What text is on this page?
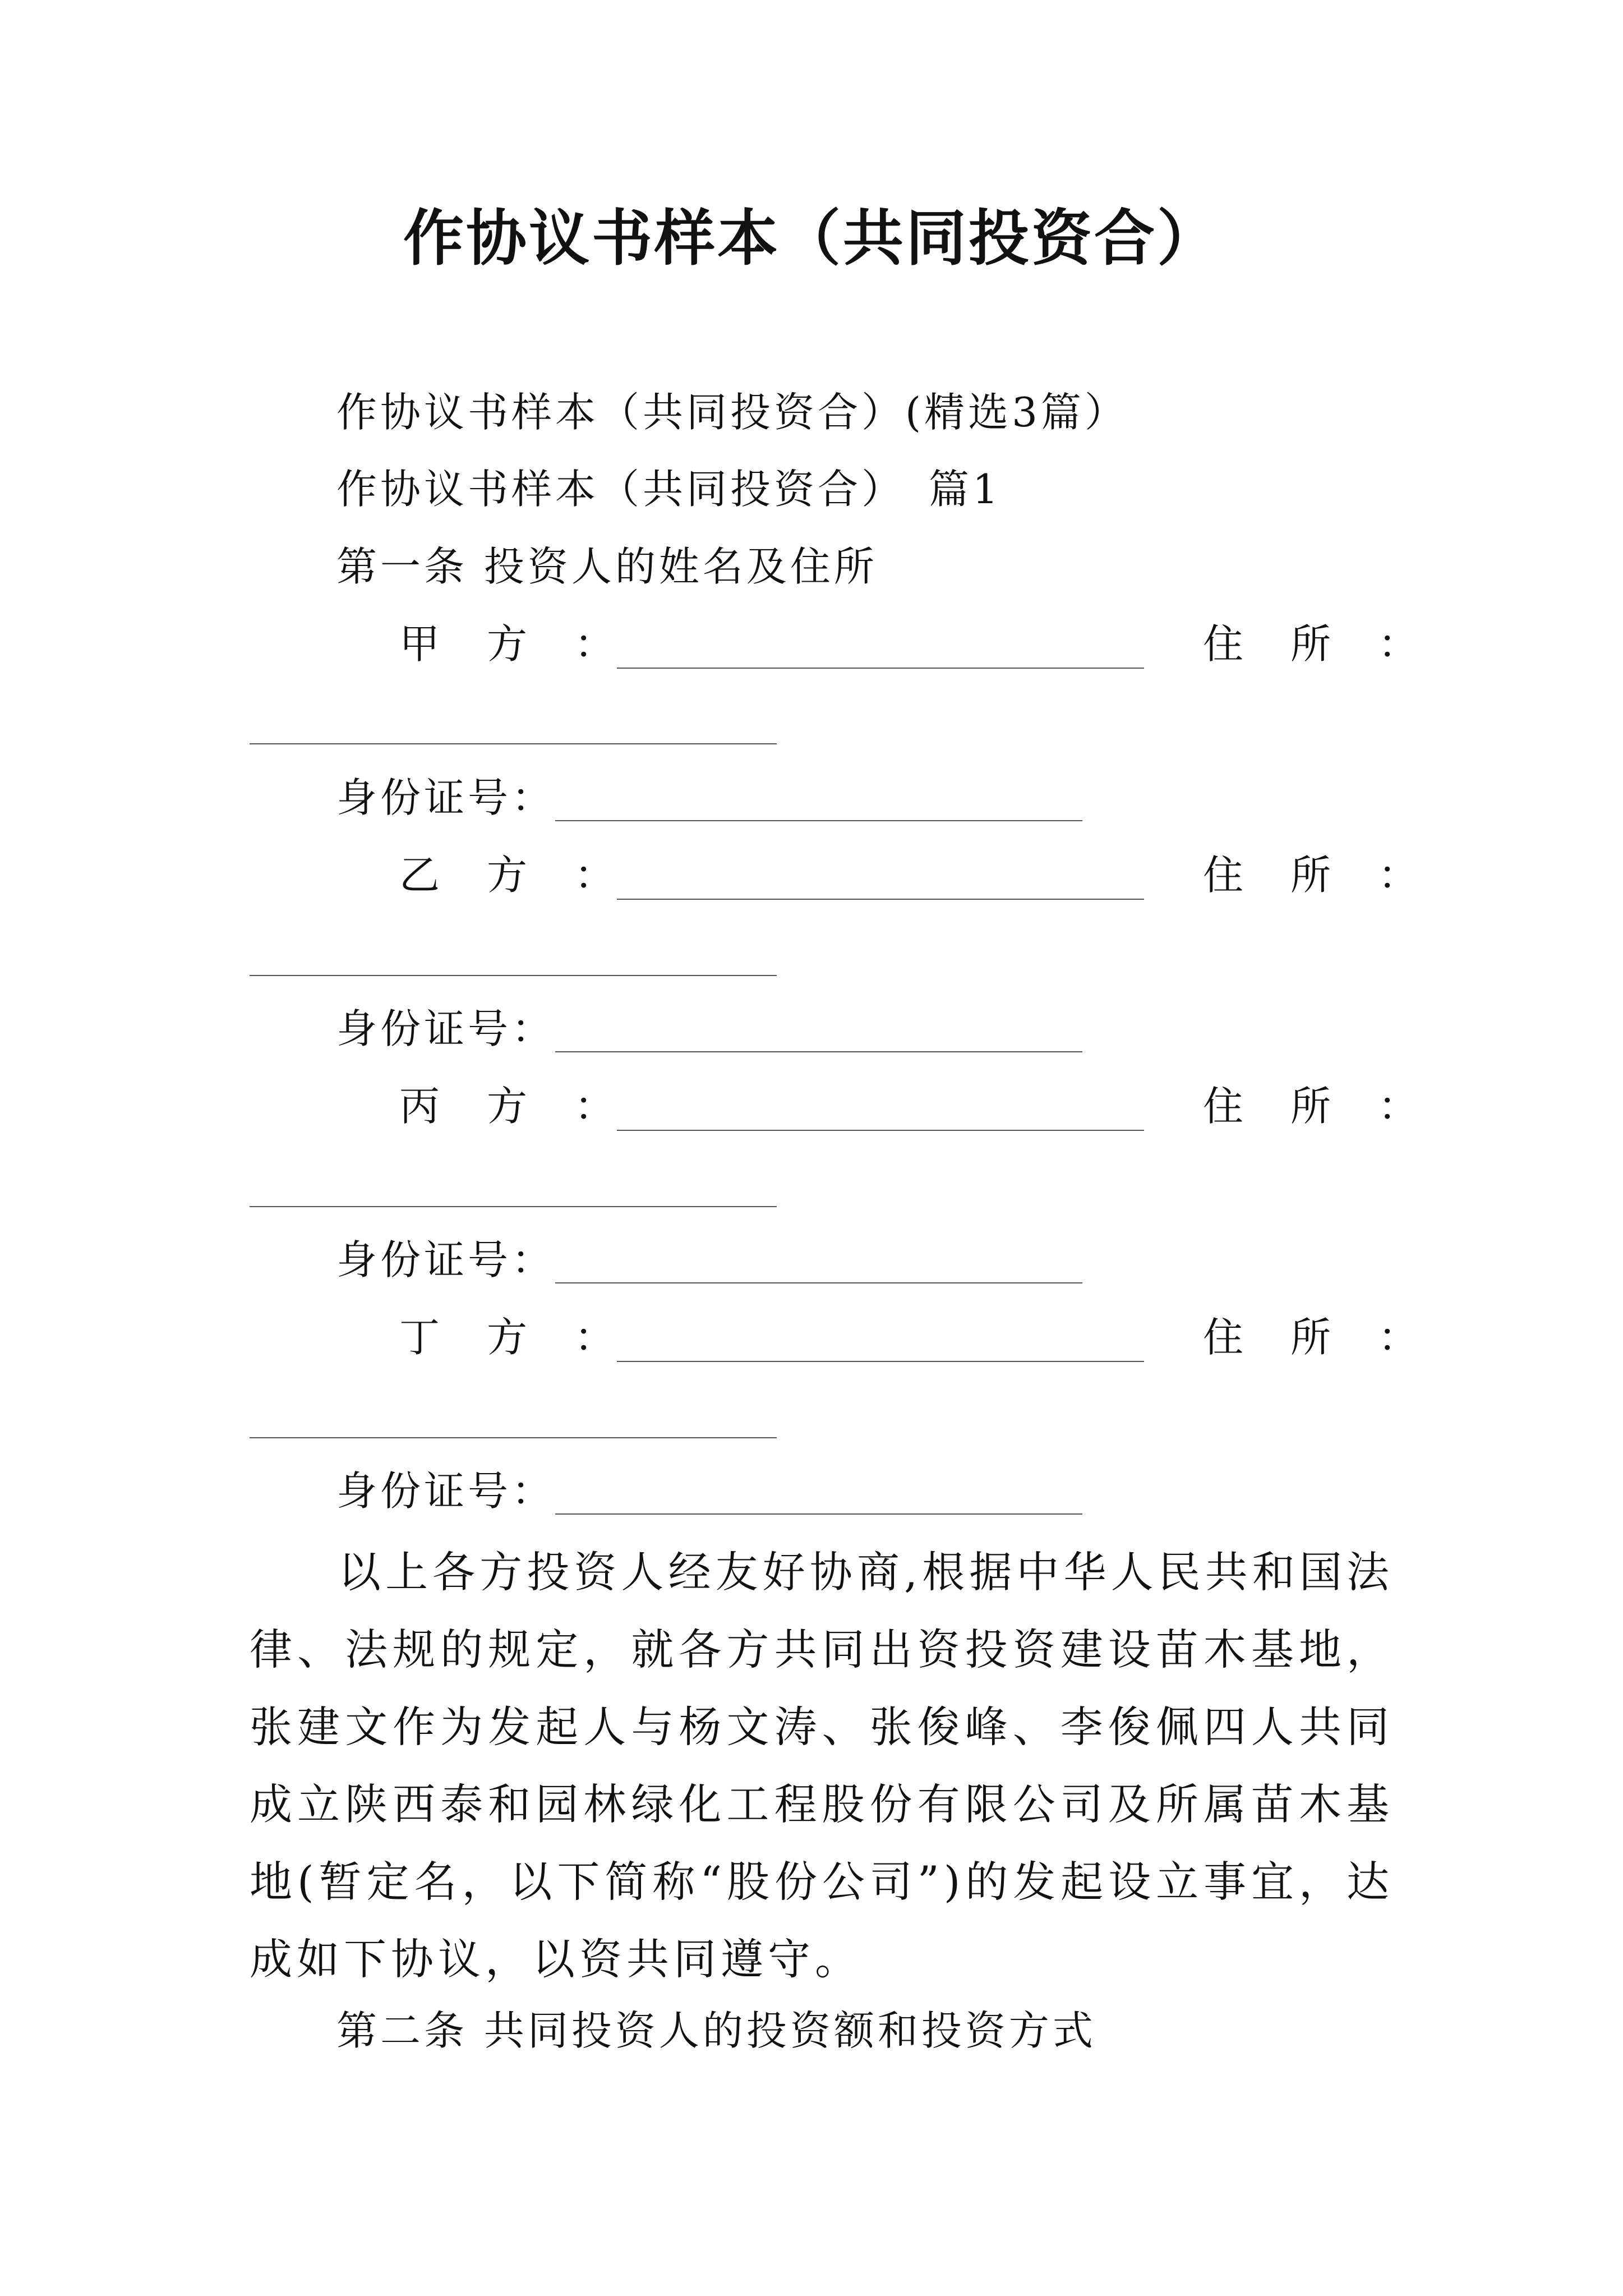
作协议书样本（共同投资合）
作协议书样本（共同投资合）(精选3篇）
作协议书样本（共同投资合）　篇1
第一条 投资人的姓名及住所
甲　方　：	住　所　：
身份证号：
乙　方　：	住　所　：
身份证号：
丙　方　：	住　所　：
身份证号：
丁　方　：	住　所　：
身份证号：
以上各方投资人经友好协商,根据中华人民共和国法律、法规的规定，就各方共同出资投资建设苗木基地，张建文作为发起人与杨文涛、张俊峰、李俊佩四人共同成立陕西泰和园林绿化工程股份有限公司及所属苗木基地(暂定名，以下简称“股份公司”)的发起设立事宜，达成如下协议，以资共同遵守。
第二条 共同投资人的投资额和投资方式
